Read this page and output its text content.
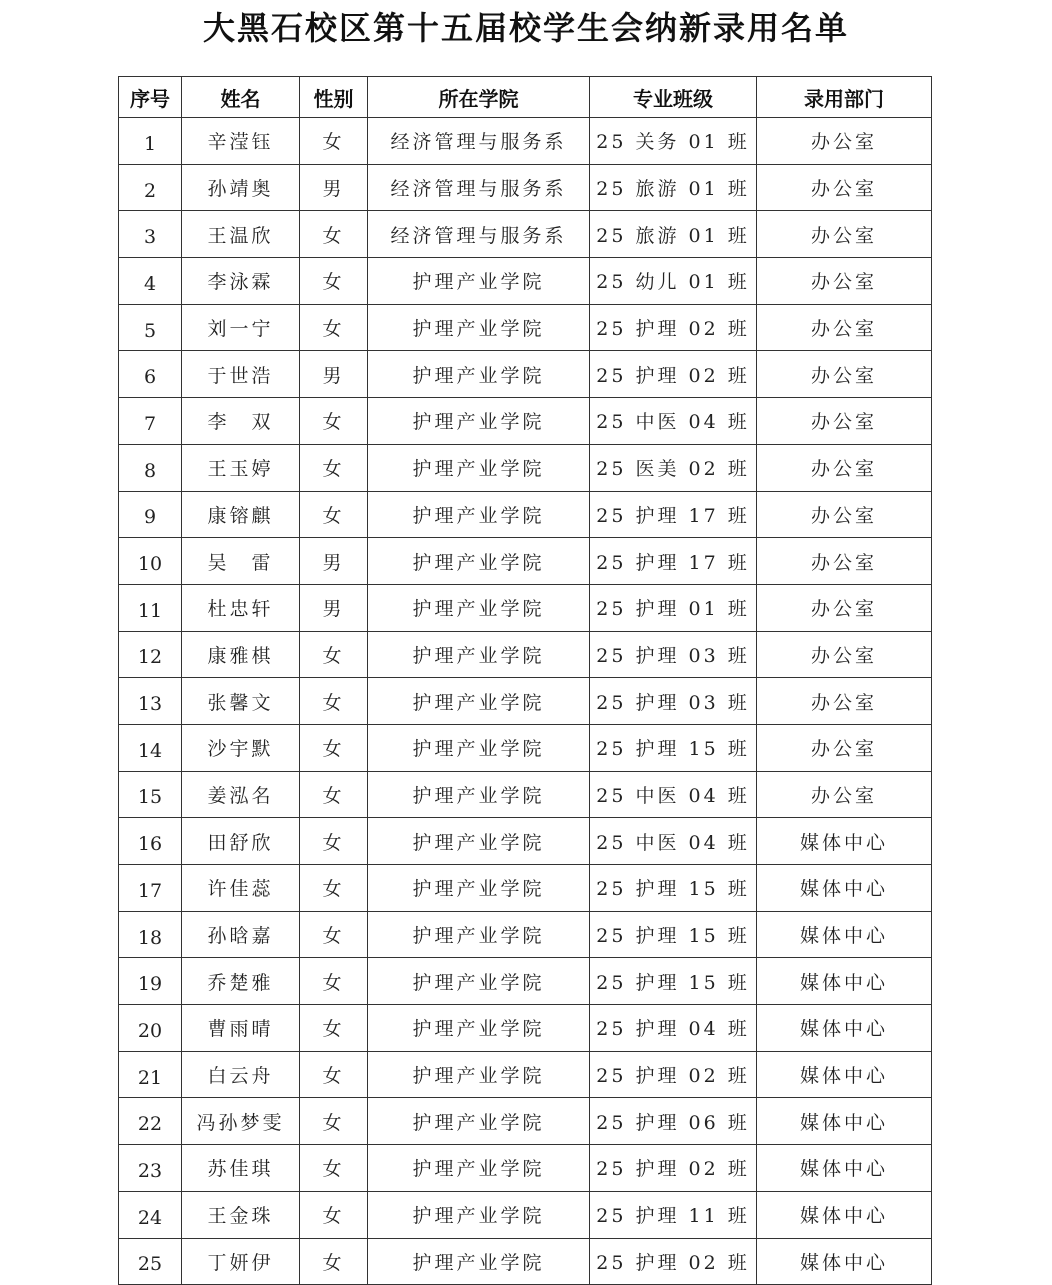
大黑石校区第十五届校学生会纳新录用名单
序号	姓名	性别	所在学院	专业班级	录用部门
1	辛滢钰	女	经济管理与服务系	25 关务 01 班	办公室
2	孙靖奥	男	经济管理与服务系	25 旅游 01 班	办公室
3	王温欣	女	经济管理与服务系	25 旅游 01 班	办公室
4	李泳霖	女	护理产业学院	25 幼儿 01 班	办公室
5	刘一宁	女	护理产业学院	25 护理 02 班	办公室
6	于世浩	男	护理产业学院	25 护理 02 班	办公室
7	李　双	女	护理产业学院	25 中医 04 班	办公室
8	王玉婷	女	护理产业学院	25 医美 02 班	办公室
9	康镕麒	女	护理产业学院	25 护理 17 班	办公室
10	吴　雷	男	护理产业学院	25 护理 17 班	办公室
11	杜忠轩	男	护理产业学院	25 护理 01 班	办公室
12	康雅棋	女	护理产业学院	25 护理 03 班	办公室
13	张馨文	女	护理产业学院	25 护理 03 班	办公室
14	沙宇默	女	护理产业学院	25 护理 15 班	办公室
15	姜泓名	女	护理产业学院	25 中医 04 班	办公室
16	田舒欣	女	护理产业学院	25 中医 04 班	媒体中心
17	许佳蕊	女	护理产业学院	25 护理 15 班	媒体中心
18	孙晗嘉	女	护理产业学院	25 护理 15 班	媒体中心
19	乔楚雅	女	护理产业学院	25 护理 15 班	媒体中心
20	曹雨晴	女	护理产业学院	25 护理 04 班	媒体中心
21	白云舟	女	护理产业学院	25 护理 02 班	媒体中心
22	冯孙梦雯	女	护理产业学院	25 护理 06 班	媒体中心
23	苏佳琪	女	护理产业学院	25 护理 02 班	媒体中心
24	王金珠	女	护理产业学院	25 护理 11 班	媒体中心
25	丁妍伊	女	护理产业学院	25 护理 02 班	媒体中心
